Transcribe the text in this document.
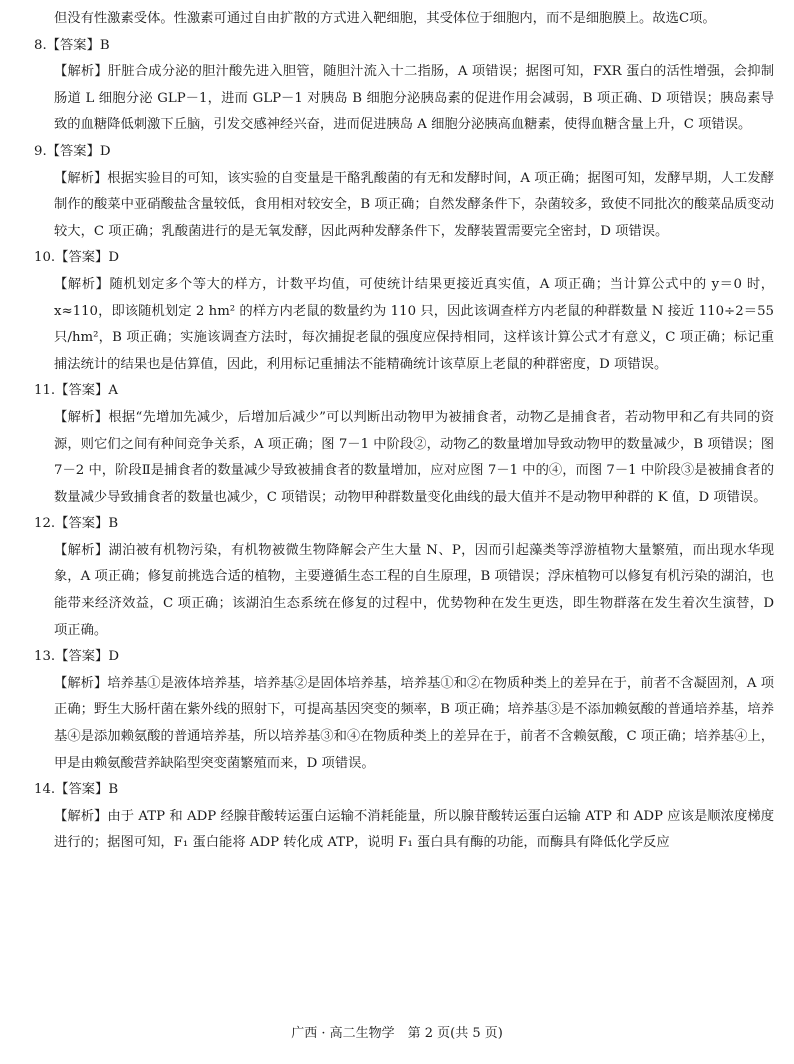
但没有性激素受体。性激素可通过自由扩散的方式进入靶细胞，其受体位于细胞内，而不是细胞膜上。故选C项。

8.【答案】B

【解析】肝脏合成分泌的胆汁酸先进入胆管，随胆汁流入十二指肠，A 项错误；据图可知，FXR 蛋白的活性增强，会抑制肠道 L 细胞分泌 GLP－1，进而 GLP－1 对胰岛 B 细胞分泌胰岛素的促进作用会减弱，B 项正确、D 项错误；胰岛素导致的血糖降低刺激下丘脑，引发交感神经兴奋，进而促进胰岛 A 细胞分泌胰高血糖素，使得血糖含量上升，C 项错误。

9.【答案】D

【解析】根据实验目的可知，该实验的自变量是干酪乳酸菌的有无和发酵时间，A 项正确；据图可知，发酵早期，人工发酵制作的酸菜中亚硝酸盐含量较低，食用相对较安全，B 项正确；自然发酵条件下，杂菌较多，致使不同批次的酸菜品质变动较大，C 项正确；乳酸菌进行的是无氧发酵，因此两种发酵条件下，发酵装置需要完全密封，D 项错误。

10.【答案】D

【解析】随机划定多个等大的样方，计数平均值，可使统计结果更接近真实值，A 项正确；当计算公式中的 y＝0 时，x≈110，即该随机划定 2 hm² 的样方内老鼠的数量约为 110 只，因此该调查样方内老鼠的种群数量 N 接近 110÷2＝55 只/hm²，B 项正确；实施该调查方法时，每次捕捉老鼠的强度应保持相同，这样该计算公式才有意义，C 项正确；标记重捕法统计的结果也是估算值，因此，利用标记重捕法不能精确统计该草原上老鼠的种群密度，D 项错误。

11.【答案】A

【解析】根据“先增加先减少，后增加后减少”可以判断出动物甲为被捕食者，动物乙是捕食者，若动物甲和乙有共同的资源，则它们之间有种间竞争关系，A 项正确；图 7－1 中阶段②，动物乙的数量增加导致动物甲的数量减少，B 项错误；图 7－2 中，阶段Ⅱ是捕食者的数量减少导致被捕食者的数量增加，应对应图 7－1 中的④，而图 7－1 中阶段③是被捕食者的数量减少导致捕食者的数量也减少，C 项错误；动物甲种群数量变化曲线的最大值并不是动物甲种群的 K 值，D 项错误。

12.【答案】B

【解析】湖泊被有机物污染，有机物被微生物降解会产生大量 N、P，因而引起藻类等浮游植物大量繁殖，而出现水华现象，A 项正确；修复前挑选合适的植物，主要遵循生态工程的自生原理，B 项错误；浮床植物可以修复有机污染的湖泊，也能带来经济效益，C 项正确；该湖泊生态系统在修复的过程中，优势物种在发生更迭，即生物群落在发生着次生演替，D 项正确。

13.【答案】D

【解析】培养基①是液体培养基，培养基②是固体培养基，培养基①和②在物质种类上的差异在于，前者不含凝固剂，A 项正确；野生大肠杆菌在紫外线的照射下，可提高基因突变的频率，B 项正确；培养基③是不添加赖氨酸的普通培养基，培养基④是添加赖氨酸的普通培养基，所以培养基③和④在物质种类上的差异在于，前者不含赖氨酸，C 项正确；培养基④上，甲是由赖氨酸营养缺陷型突变菌繁殖而来，D 项错误。

14.【答案】B

【解析】由于 ATP 和 ADP 经腺苷酸转运蛋白运输不消耗能量，所以腺苷酸转运蛋白运输 ATP 和 ADP 应该是顺浓度梯度进行的；据图可知，F₁ 蛋白能将 ADP 转化成 ATP，说明 F₁ 蛋白具有酶的功能，而酶具有降低化学反应

广西 · 高二生物学　第 2 页(共 5 页)
